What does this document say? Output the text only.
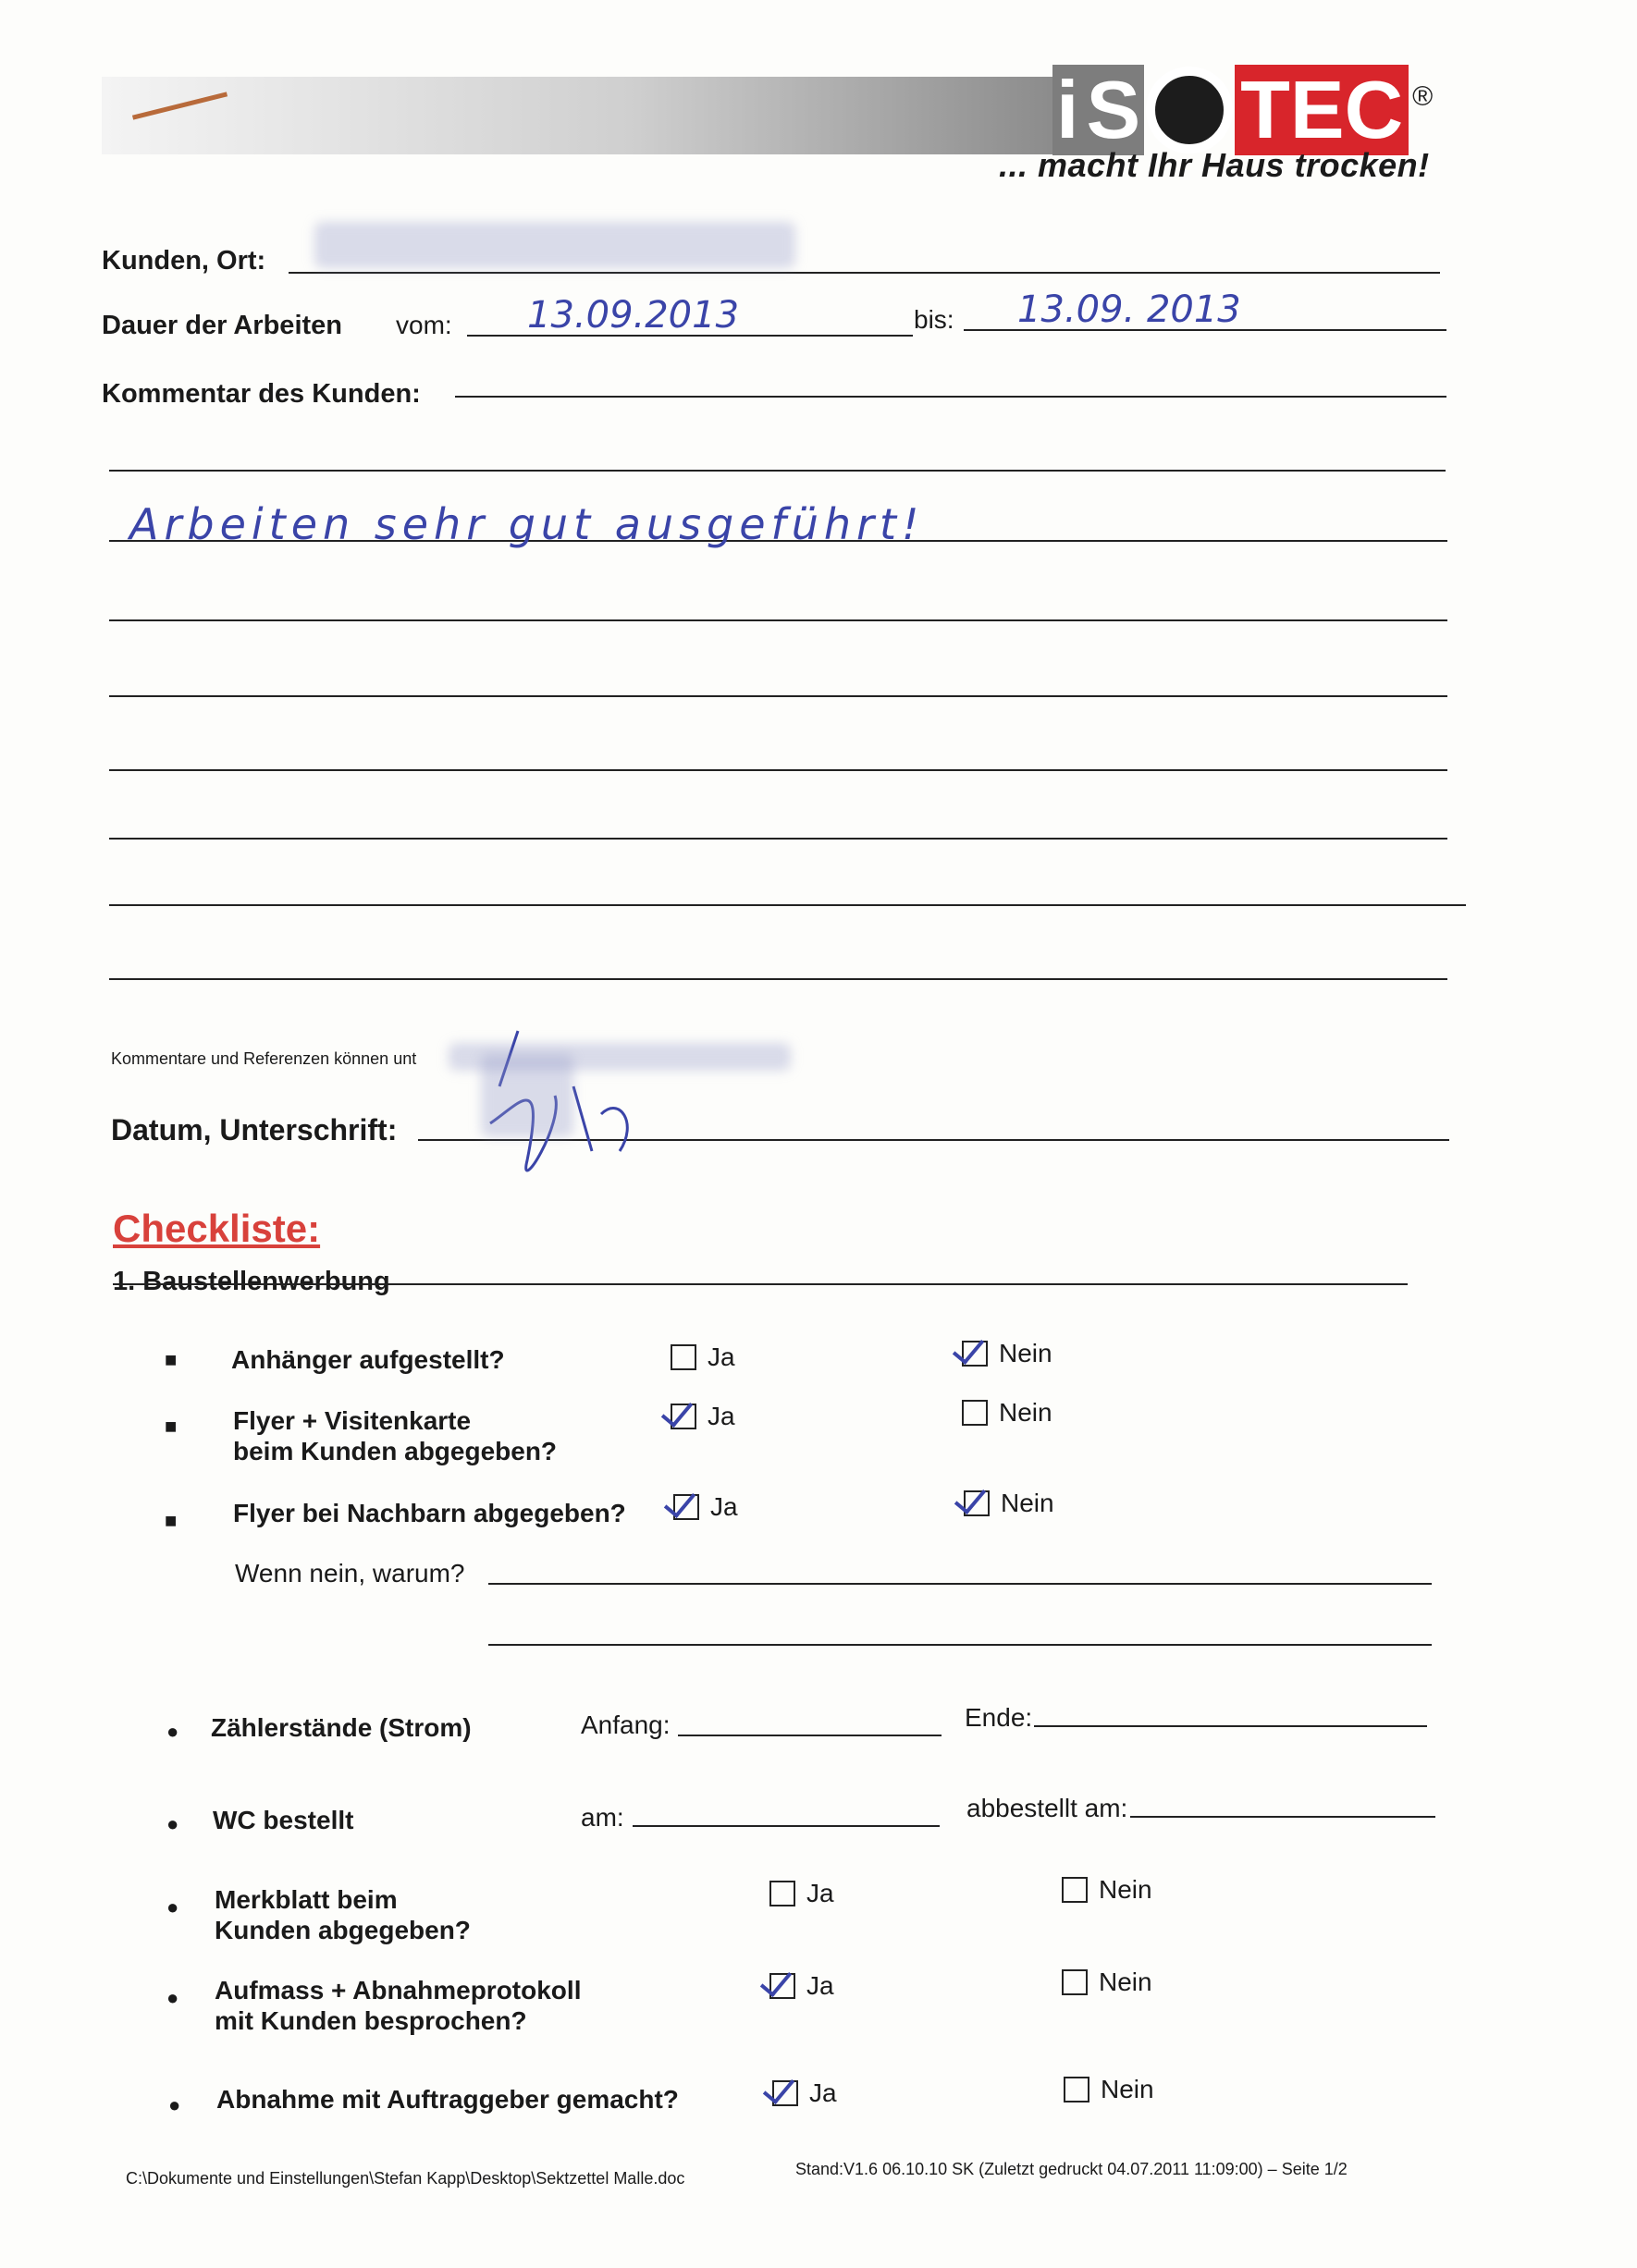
i S TEC ®
... macht Ihr Haus trocken!
Kunden, Ort:
Dauer der Arbeiten vom: 13.09.2013	bis: 13.09. 2013
Kommentar des Kunden:
Arbeiten sehr gut ausgeführt!
Kommentare und Referenzen können unt
Datum, Unterschrift:
Checkliste:
1. Baustellenwerbung
■ Anhänger aufgestellt?	Ja	Nein
■ Flyer + Visitenkarte
beim Kunden abgegeben?
Ja	Nein
■ Flyer bei Nachbarn abgegeben?	Ja	Nein
Wenn nein, warum?
● Zählerstände (Strom)	Anfang:	Ende:
● WC bestellt	am:	abbestellt am:
● Merkblatt beim
Kunden abgegeben?
Ja	Nein
● Aufmass + Abnahmeprotokoll
mit Kunden besprochen?
Ja	Nein
● Abnahme mit Auftraggeber gemacht?	Ja	Nein
C:\Dokumente und Einstellungen\Stefan Kapp\Desktop\Sektzettel Malle.doc	Stand:V1.6 06.10.10 SK (Zuletzt gedruckt 04.07.2011 11:09:00) – Seite 1/2
